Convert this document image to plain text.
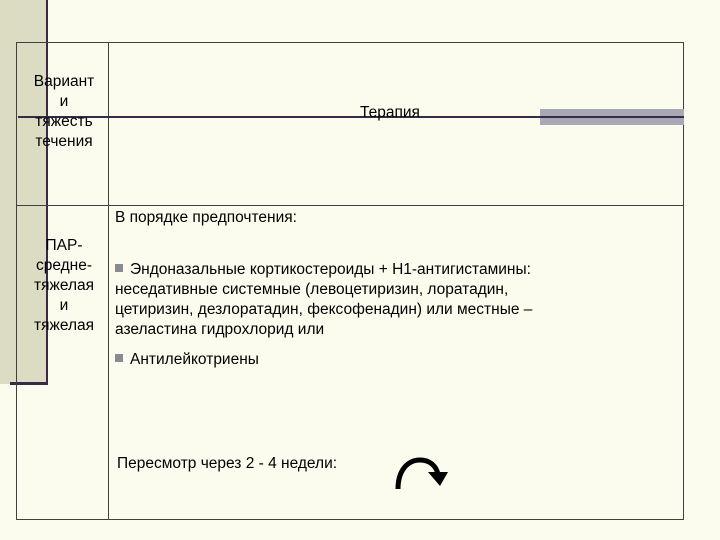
Вариант
и
тяжесть
течения
Терапия
ПАР-
средне-
тяжелая
и
тяжелая
В порядке предпочтения:
Эндоназальные кортикостероиды + Н1-антигистамины:
неседативные системные (левоцетиризин, лоратадин,
цетиризин, дезлоратадин, фексофенадин) или местные –
азеластина гидрохлорид или
Антилейкотриены
Пересмотр через 2 - 4 недели:
